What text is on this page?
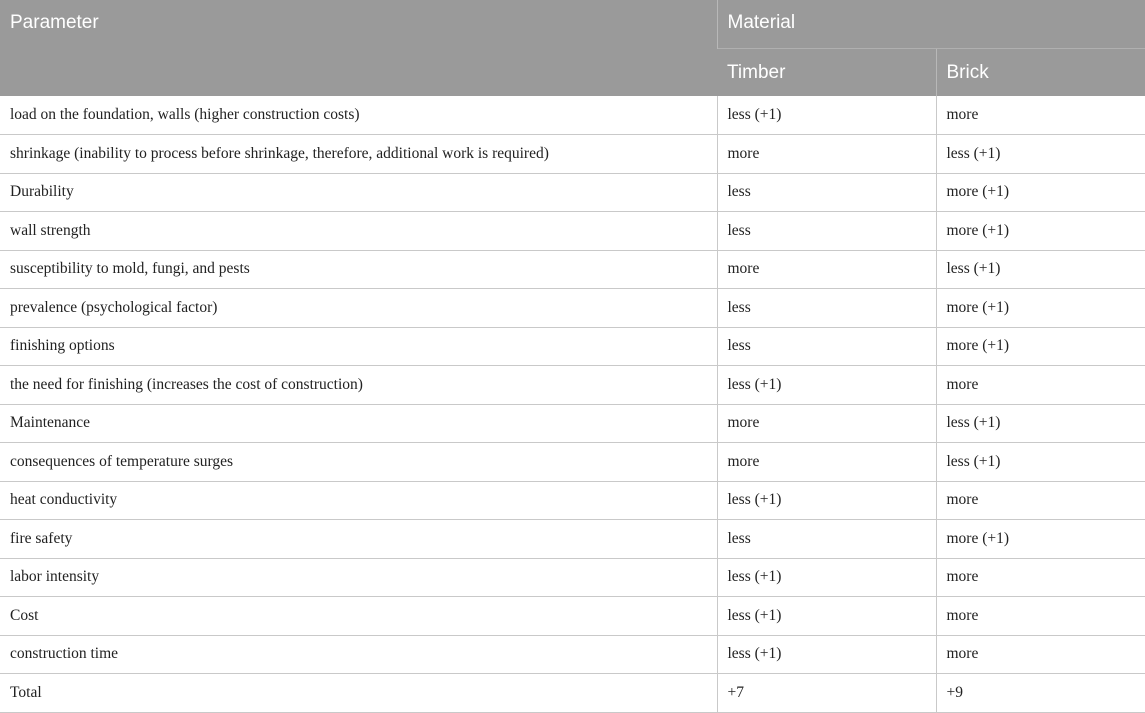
Parameter	Material	
	Timber	Brick
load on the foundation, walls (higher construction costs)	less (+1)	more
shrinkage (inability to process before shrinkage, therefore, additional work is required)	more	less (+1)
Durability	less	more (+1)
wall strength	less	more (+1)
susceptibility to mold, fungi, and pests	more	less (+1)
prevalence (psychological factor)	less	more (+1)
finishing options	less	more (+1)
the need for finishing (increases the cost of construction)	less (+1)	more
Maintenance	more	less (+1)
consequences of temperature surges	more	less (+1)
heat conductivity	less (+1)	more
fire safety	less	more (+1)
labor intensity	less (+1)	more
Cost	less (+1)	more
construction time	less (+1)	more
Total	+7	+9
